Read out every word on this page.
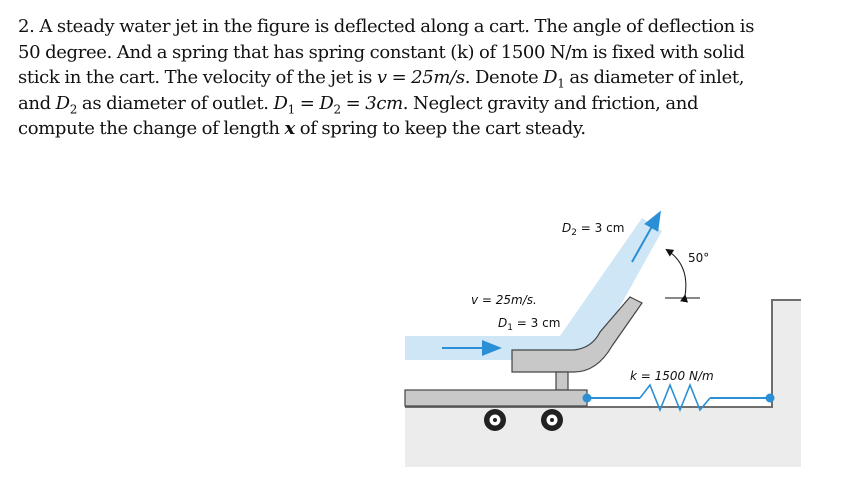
2. A steady water jet in the figure is deflected along a cart. The angle of deflection is
50 degree. And a spring that has spring constant (k) of 1500 N/m is fixed with solid
stick in the cart. The velocity of the jet is v = 25m/s. Denote $D_1$ as diameter of inlet,
and $D_2$ as diameter of outlet. $D_1 = D_2 = 3cm$. Neglect gravity and friction, and
compute the change of length x of spring to keep the cart steady.
$D_2 = 3$ cm
50°
v = 25m/s.
$D_1 = 3$ cm
k = 1500 N/m
